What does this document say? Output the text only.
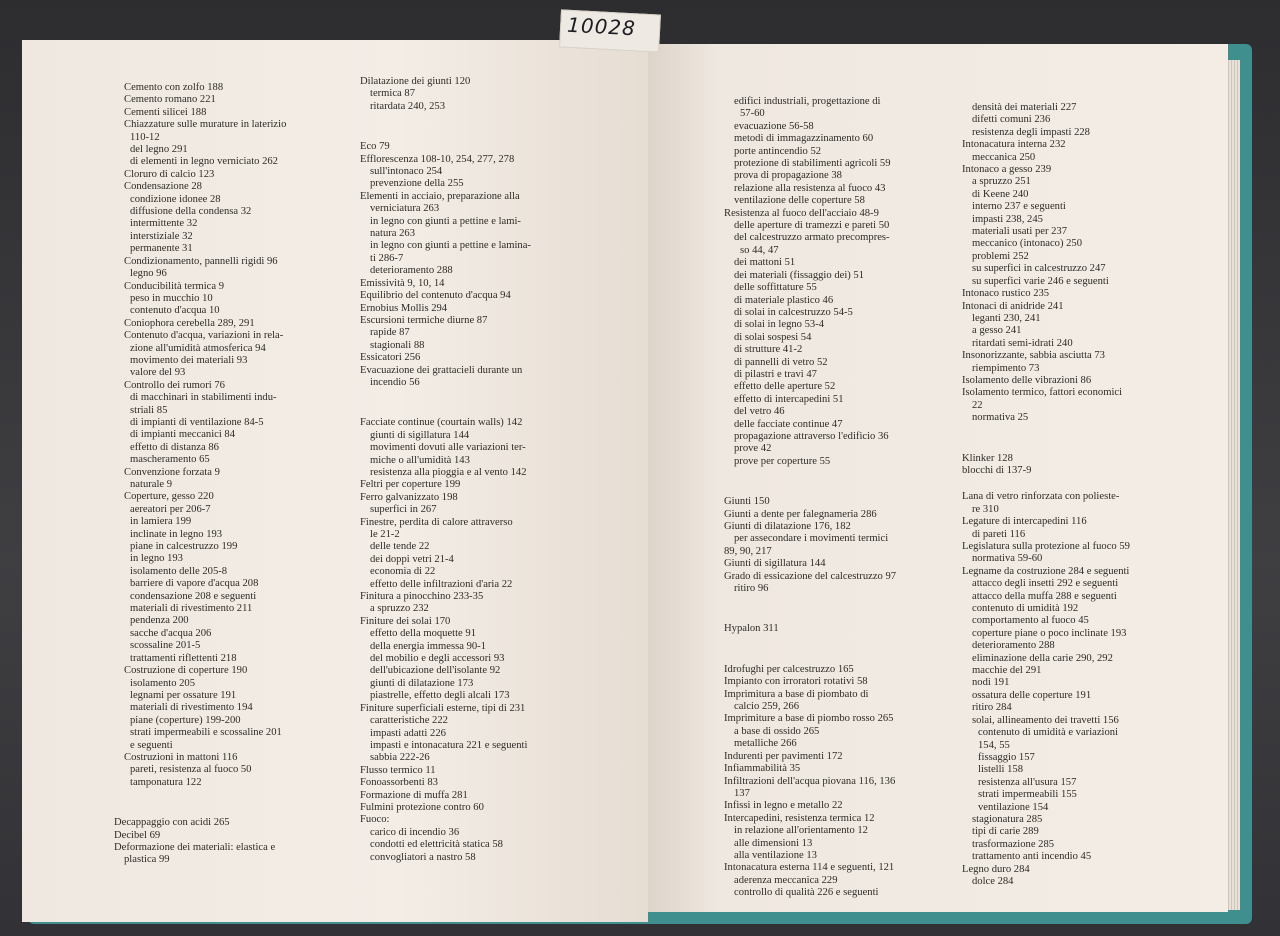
10028
Cemento con zolfo 188
Cemento romano 221
Cementi silicei 188
Chiazzature sulle murature in laterizio
110-12
del legno 291
di elementi in legno verniciato 262
Cloruro di calcio 123
Condensazione 28
condizione idonee 28
diffusione della condensa 32
intermittente 32
interstiziale 32
permanente 31
Condizionamento, pannelli rigidi 96
legno 96
Conducibilità termica 9
peso in mucchio 10
contenuto d'acqua 10
Coniophora cerebella 289, 291
Contenuto d'acqua, variazioni in rela-
zione all'umidità atmosferica 94
movimento dei materiali 93
valore del 93
Controllo dei rumori 76
di macchinari in stabilimenti indu-
striali 85
di impianti di ventilazione 84-5
di impianti meccanici 84
effetto di distanza 86
mascheramento 65
Convenzione forzata 9
naturale 9
Coperture, gesso 220
aereatori per 206-7
in lamiera 199
inclinate in legno 193
piane in calcestruzzo 199
in legno 193
isolamento delle 205-8
barriere di vapore d'acqua 208
condensazione 208 e seguenti
materiali di rivestimento 211
pendenza 200
sacche d'acqua 206
scossaline 201-5
trattamenti riflettenti 218
Costruzione di coperture 190
isolamento 205
legnami per ossature 191
materiali di rivestimento 194
piane (coperture) 199-200
strati impermeabili e scossaline 201
e seguenti
Costruzioni in mattoni 116
pareti, resistenza al fuoco 50
tamponatura 122
Decappaggio con acidi 265
Decibel 69
Deformazione dei materiali: elastica e
plastica 99
Dilatazione dei giunti 120
termica 87
ritardata 240, 253
Eco 79
Efflorescenza 108-10, 254, 277, 278
sull'intonaco 254
prevenzione della 255
Elementi in acciaio, preparazione alla
verniciatura 263
in legno con giunti a pettine e lami-
natura 263
in legno con giunti a pettine e lamina-
ti 286-7
deterioramento 288
Emissività 9, 10, 14
Equilibrio del contenuto d'acqua 94
Ernobius Mollis 294
Escursioni termiche diurne 87
rapide 87
stagionali 88
Essicatori 256
Evacuazione dei grattacieli durante un
incendio 56
Facciate continue (courtain walls) 142
giunti di sigillatura 144
movimenti dovuti alle variazioni ter-
miche o all'umidità 143
resistenza alla pioggia e al vento 142
Feltri per coperture 199
Ferro galvanizzato 198
superfici in 267
Finestre, perdita di calore attraverso
le 21-2
delle tende 22
dei doppi vetri 21-4
economia di 22
effetto delle infiltrazioni d'aria 22
Finitura a pinocchino 233-35
a spruzzo 232
Finiture dei solai 170
effetto della moquette 91
della energia immessa 90-1
del mobilio e degli accessori 93
dell'ubicazione dell'isolante 92
giunti di dilatazione 173
piastrelle, effetto degli alcali 173
Finiture superficiali esterne, tipi di 231
caratteristiche 222
impasti adatti 226
impasti e intonacatura 221 e seguenti
sabbia 222-26
Flusso termico 11
Fonoassorbenti 83
Formazione di muffa 281
Fulmini protezione contro 60
Fuoco:
carico di incendio 36
condotti ed elettricità statica 58
convogliatori a nastro 58
edifici industriali, progettazione di
57-60
evacuazione 56-58
metodi di immagazzinamento 60
porte antincendio 52
protezione di stabilimenti agricoli 59
prova di propagazione 38
relazione alla resistenza al fuoco 43
ventilazione delle coperture 58
Resistenza al fuoco dell'acciaio 48-9
delle aperture di tramezzi e pareti 50
del calcestruzzo armato precompres-
so 44, 47
dei mattoni 51
dei materiali (fissaggio dei) 51
delle soffittature 55
di materiale plastico 46
di solai in calcestruzzo 54-5
di solai in legno 53-4
di solai sospesi 54
di strutture 41-2
di pannelli di vetro 52
di pilastri e travi 47
effetto delle aperture 52
effetto di intercapedini 51
del vetro 46
delle facciate continue 47
propagazione attraverso l'edificio 36
prove 42
prove per coperture 55
Giunti 150
Giunti a dente per falegnameria 286
Giunti di dilatazione 176, 182
per assecondare i movimenti termici
89, 90, 217
Giunti di sigillatura 144
Grado di essicazione del calcestruzzo 97
ritiro 96
Hypalon 311
Idrofughi per calcestruzzo 165
Impianto con irroratori rotativi 58
Imprimitura a base di piombato di
calcio 259, 266
Imprimiture a base di piombo rosso 265
a base di ossido 265
metalliche 266
Indurenti per pavimenti 172
Infiammabilità 35
Infiltrazioni dell'acqua piovana 116, 136
137
Infissi in legno e metallo 22
Intercapedini, resistenza termica 12
in relazione all'orientamento 12
alle dimensioni 13
alla ventilazione 13
Intonacatura esterna 114 e seguenti, 121
aderenza meccanica 229
controllo di qualità 226 e seguenti
densità dei materiali 227
difetti comuni 236
resistenza degli impasti 228
Intonacatura interna 232
meccanica 250
Intonaco a gesso 239
a spruzzo 251
di Keene 240
interno 237 e seguenti
impasti 238, 245
materiali usati per 237
meccanico (intonaco) 250
problemi 252
su superfici in calcestruzzo 247
su superfici varie 246 e seguenti
Intonaco rustico 235
Intonaci di anidride 241
leganti 230, 241
a gesso 241
ritardati semi-idrati 240
Insonorizzante, sabbia asciutta 73
riempimento 73
Isolamento delle vibrazioni 86
Isolamento termico, fattori economici
22
normativa 25
Klinker 128
blocchi di 137-9
Lana di vetro rinforzata con polieste-
re 310
Legature di intercapedini 116
di pareti 116
Legislatura sulla protezione al fuoco 59
normativa 59-60
Legname da costruzione 284 e seguenti
attacco degli insetti 292 e seguenti
attacco della muffa 288 e seguenti
contenuto di umidità 192
comportamento al fuoco 45
coperture piane o poco inclinate 193
deterioramento 288
eliminazione della carie 290, 292
macchie del 291
nodi 191
ossatura delle coperture 191
ritiro 284
solai, allineamento dei travetti 156
contenuto di umidità e variazioni
154, 55
fissaggio 157
listelli 158
resistenza all'usura 157
strati impermeabili 155
ventilazione 154
stagionatura 285
tipi di carie 289
trasformazione 285
trattamento anti incendio 45
Legno duro 284
dolce 284
